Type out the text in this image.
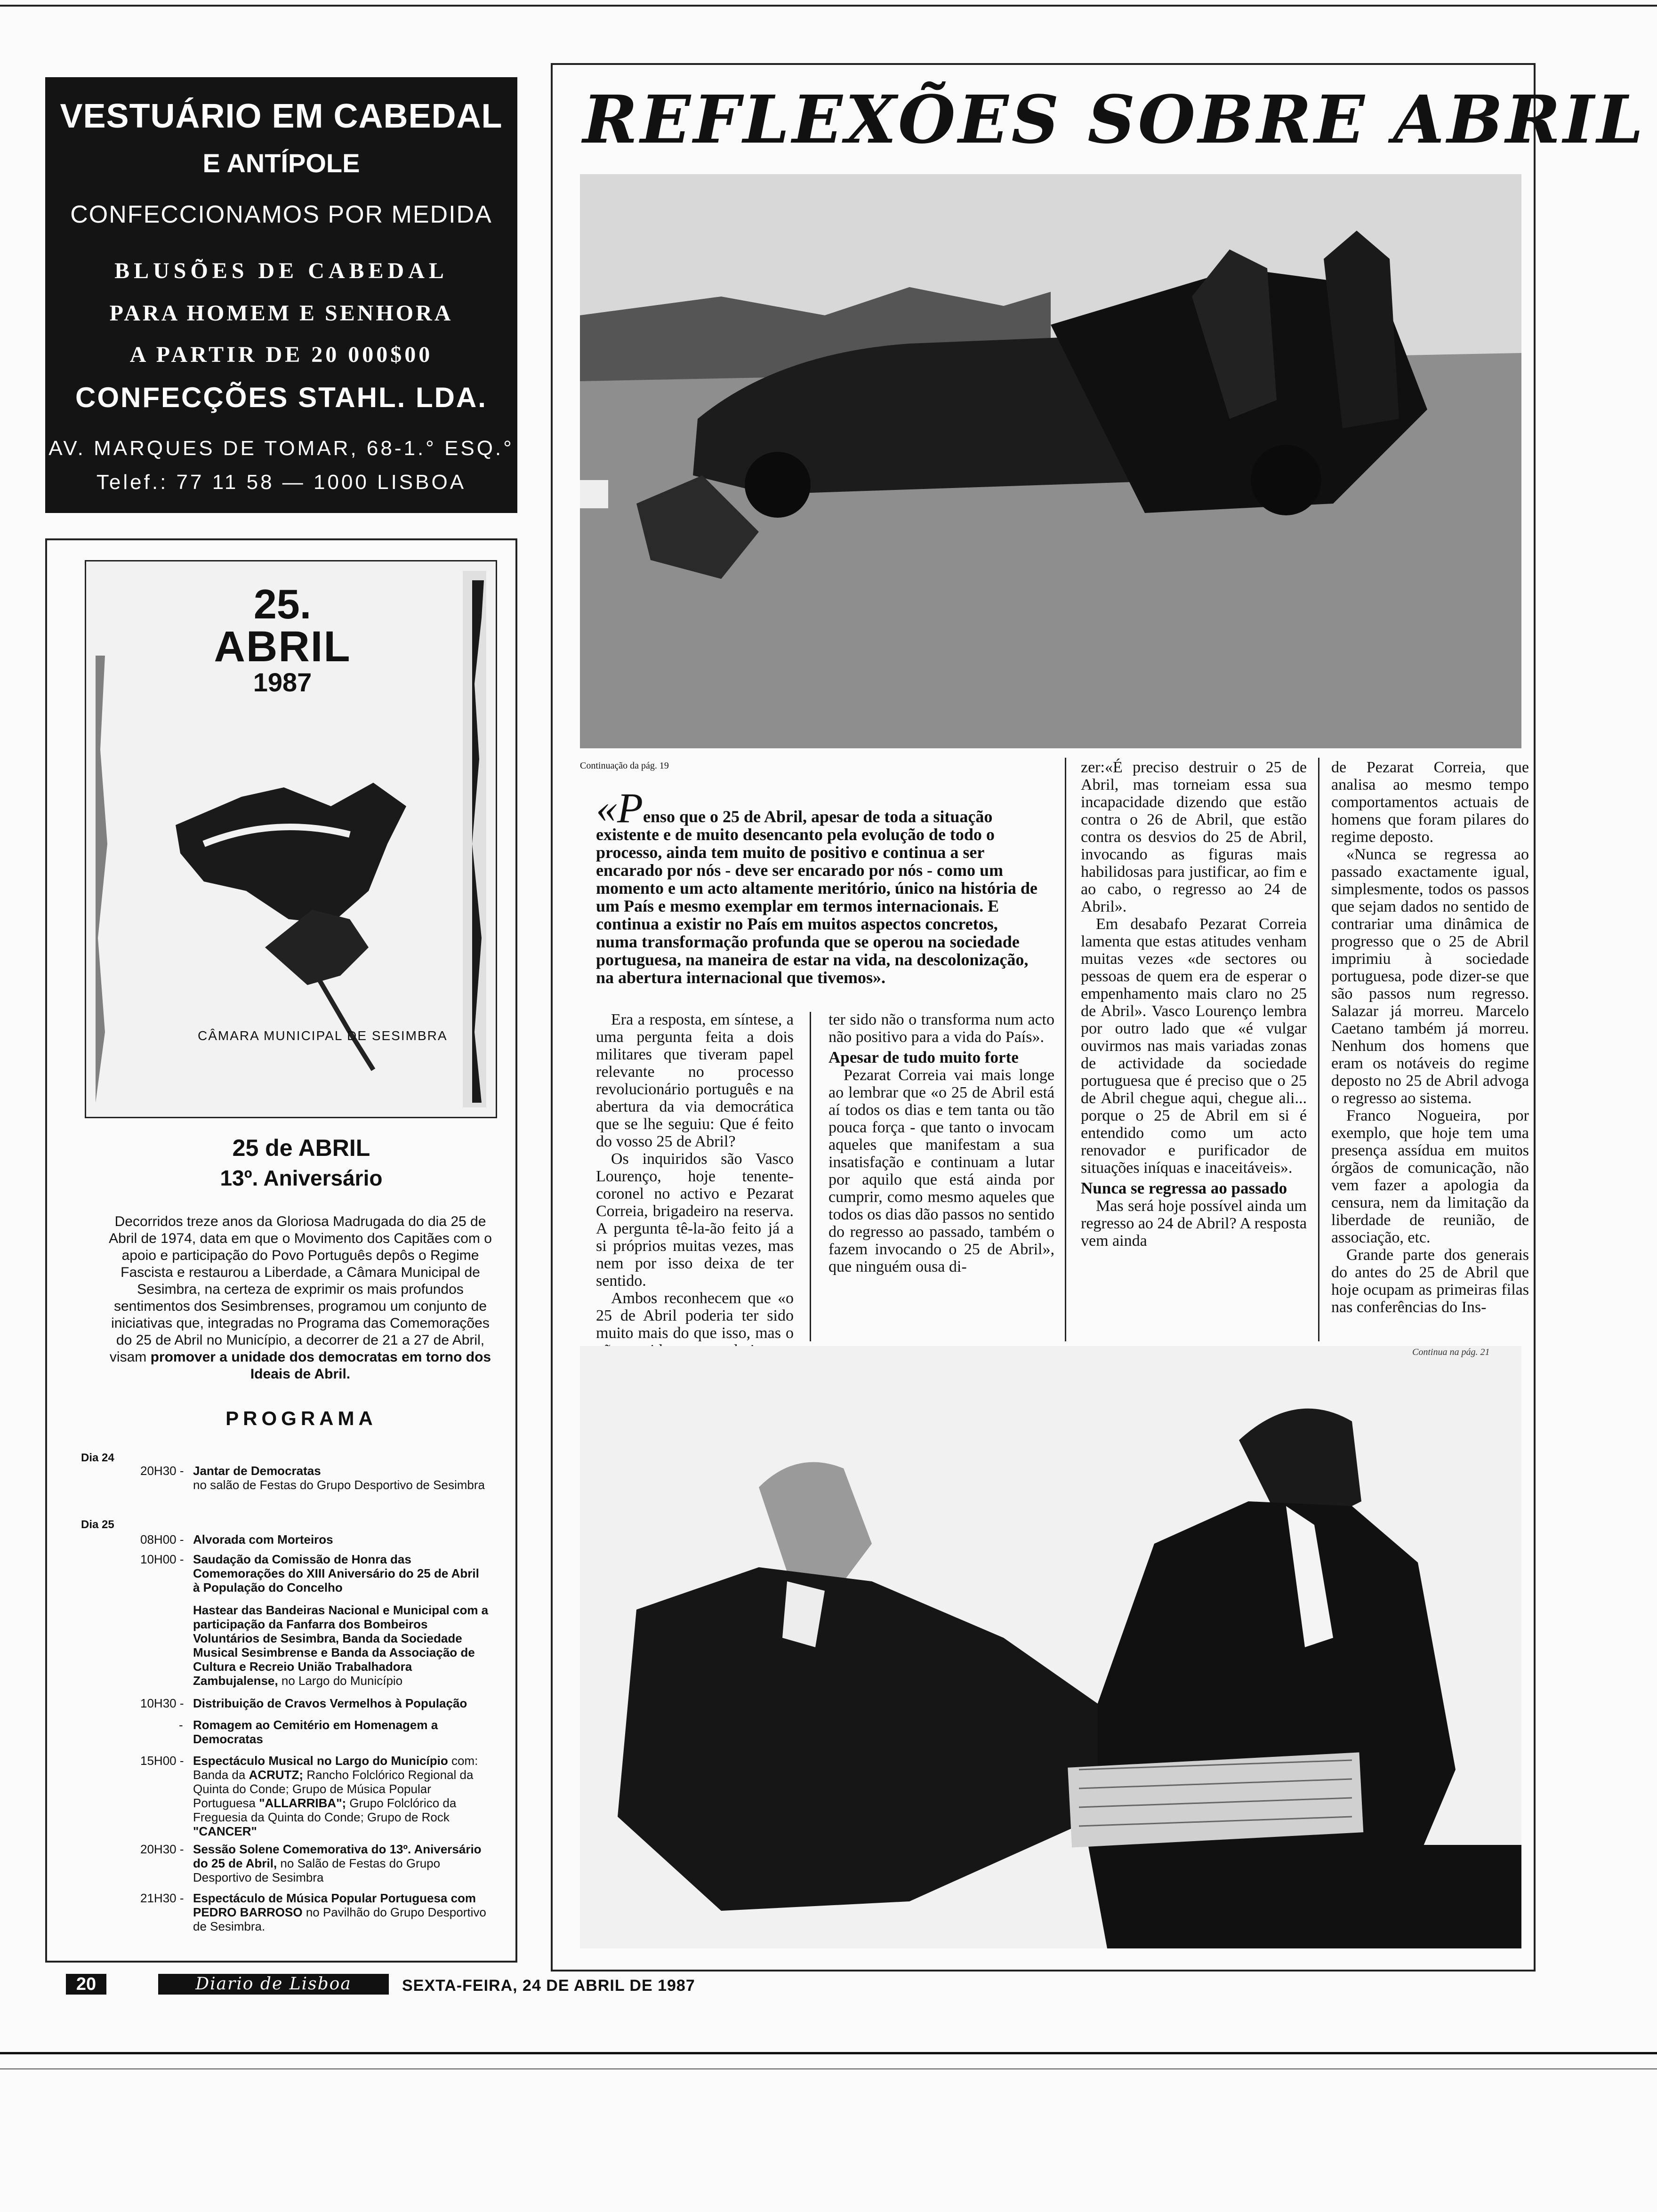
VESTUÁRIO EM CABEDAL
E ANTÍPOLE
CONFECCIONAMOS POR MEDIDA
BLUSÕES DE CABEDAL
PARA HOMEM E SENHORA
A PARTIR DE 20 000$00
CONFECÇÕES STAHL. LDA.
AV. MARQUES DE TOMAR, 68-1.° ESQ.°
Telef.: 77 11 58 — 1000 LISBOA
25.
ABRIL
1987
CÂMARA MUNICIPAL DE SESIMBRA
25 de ABRIL
13º. Aniversário
Decorridos treze anos da Gloriosa Madrugada do dia 25 de Abril de 1974, data em que o Movimento dos Capitães com o apoio e participação do Povo Português depôs o Regime Fascista e restaurou a Liberdade, a Câmara Municipal de Sesimbra, na certeza de exprimir os mais profundos sentimentos dos Sesimbrenses, programou um conjunto de iniciativas que, integradas no Programa das Comemorações do 25 de Abril no Município, a decorrer de 21 a 27 de Abril, visam promover a unidade dos democratas em torno dos Ideais de Abril.
PROGRAMA
Dia 24
20H30 - Jantar de Democratas
no salão de Festas do Grupo Desportivo de Sesimbra
Dia 25
08H00 - Alvorada com Morteiros
10H00 - Saudação da Comissão de Honra das Comemorações do XIII Aniversário do 25 de Abril à População do Concelho
Hastear das Bandeiras Nacional e Municipal com a participação da Fanfarra dos Bombeiros Voluntários de Sesimbra, Banda da Sociedade Musical Sesimbrense e Banda da Associação de Cultura e Recreio União Trabalhadora Zambujalense, no Largo do Município
10H30 - Distribuição de Cravos Vermelhos à População
- Romagem ao Cemitério em Homenagem a Democratas
15H00 - Espectáculo Musical no Largo do Município com: Banda da ACRUTZ; Rancho Folclórico Regional da Quinta do Conde; Grupo de Música Popular Portuguesa "ALLARRIBA"; Grupo Folclórico da Freguesia da Quinta do Conde; Grupo de Rock "CANCER"
20H30 - Sessão Solene Comemorativa do 13º. Aniversário do 25 de Abril, no Salão de Festas do Grupo Desportivo de Sesimbra
21H30 - Espectáculo de Música Popular Portuguesa com PEDRO BARROSO no Pavilhão do Grupo Desportivo de Sesimbra.
REFLEXÕES SOBRE ABRIL
Continuação da pág. 19
«Penso que o 25 de Abril, apesar de toda a situação existente e de muito desencanto pela evolução de todo o processo, ainda tem muito de positivo e continua a ser encarado por nós - deve ser encarado por nós - como um momento e um acto altamente meritório, único na história de um País e mesmo exemplar em termos internacionais. E continua a existir no País em muitos aspectos concretos, numa transformação profunda que se operou na sociedade portuguesa, na maneira de estar na vida, na descolonização, na abertura internacional que tivemos».

Era a resposta, em síntese, a uma pergunta feita a dois militares que tiveram papel relevante no processo revolucionário português e na abertura da via democrática que se lhe seguiu: Que é feito do vosso 25 de Abril?

Os inquiridos são Vasco Lourenço, hoje tenente-coronel no activo e Pezarat Correia, brigadeiro na reserva. A pergunta tê-la-ão feito já a si próprios muitas vezes, mas nem por isso deixa de ter sentido.

Ambos reconhecem que «o 25 de Abril poderia ter sido muito mais do que isso, mas o

ter sido não o transforma num acto não positivo para a vida do País».

Apesar de tudo muito forte

Pezarat Correia vai mais longe ao lembrar que «o 25 de Abril está aí todos os dias e tem tanta ou tão pouca força - que tanto o invocam aqueles que manifestam a sua insatisfação e continuam a lutar por aquilo que está ainda por cumprir, como mesmo aqueles que todos os dias dão passos no sentido do regresso ao passado, também o fazem invocando o 25 de Abril», que ninguém ousa di-

zer:«É preciso destruir o 25 de Abril, mas torneiam essa sua incapacidade dizendo que estão contra o 26 de Abril, que estão contra os desvios do 25 de Abril, invocando as figuras mais habilidosas para justificar, ao fim e ao cabo, o regresso ao 24 de Abril».

Em desabafo Pezarat Correia lamenta que estas atitudes venham muitas vezes «de sectores ou pessoas de quem era de esperar o empenhamento mais claro no 25 de Abril». Vasco Lourenço lembra por outro lado que «é vulgar ouvirmos nas mais variadas zonas de actividade da sociedade portuguesa que é preciso que o 25 de Abril chegue aqui, chegue ali... porque o 25 de Abril em si é entendido como um acto renovador e purificador de situações iníquas e inaceitáveis».

Nunca se regressa ao passado

Mas será hoje possível ainda um regresso ao 24 de Abril? A resposta vem ainda

de Pezarat Correia, que analisa ao mesmo tempo comportamentos actuais de homens que foram pilares do regime deposto.

«Nunca se regressa ao passado exactamente igual, simplesmente, todos os passos que sejam dados no sentido de contrariar uma dinâmica de progresso que o 25 de Abril imprimiu à sociedade portuguesa, pode dizer-se que são passos num regresso. Salazar já morreu. Marcelo Caetano também já morreu. Nenhum dos homens que eram os notáveis do regime deposto no 25 de Abril advoga o regresso ao sistema.

Franco Nogueira, por exemplo, que hoje tem uma presença assídua em muitos órgãos de comunicação, não vem fazer a apologia da censura, nem da limitação da liberdade de reunião, de associação, etc.

Grande parte dos generais do antes do 25 de Abril que hoje ocupam as primeiras filas nas conferências do Ins-

Continua na pág. 21
20	Diario de Lisboa	SEXTA-FEIRA, 24 DE ABRIL DE 1987
